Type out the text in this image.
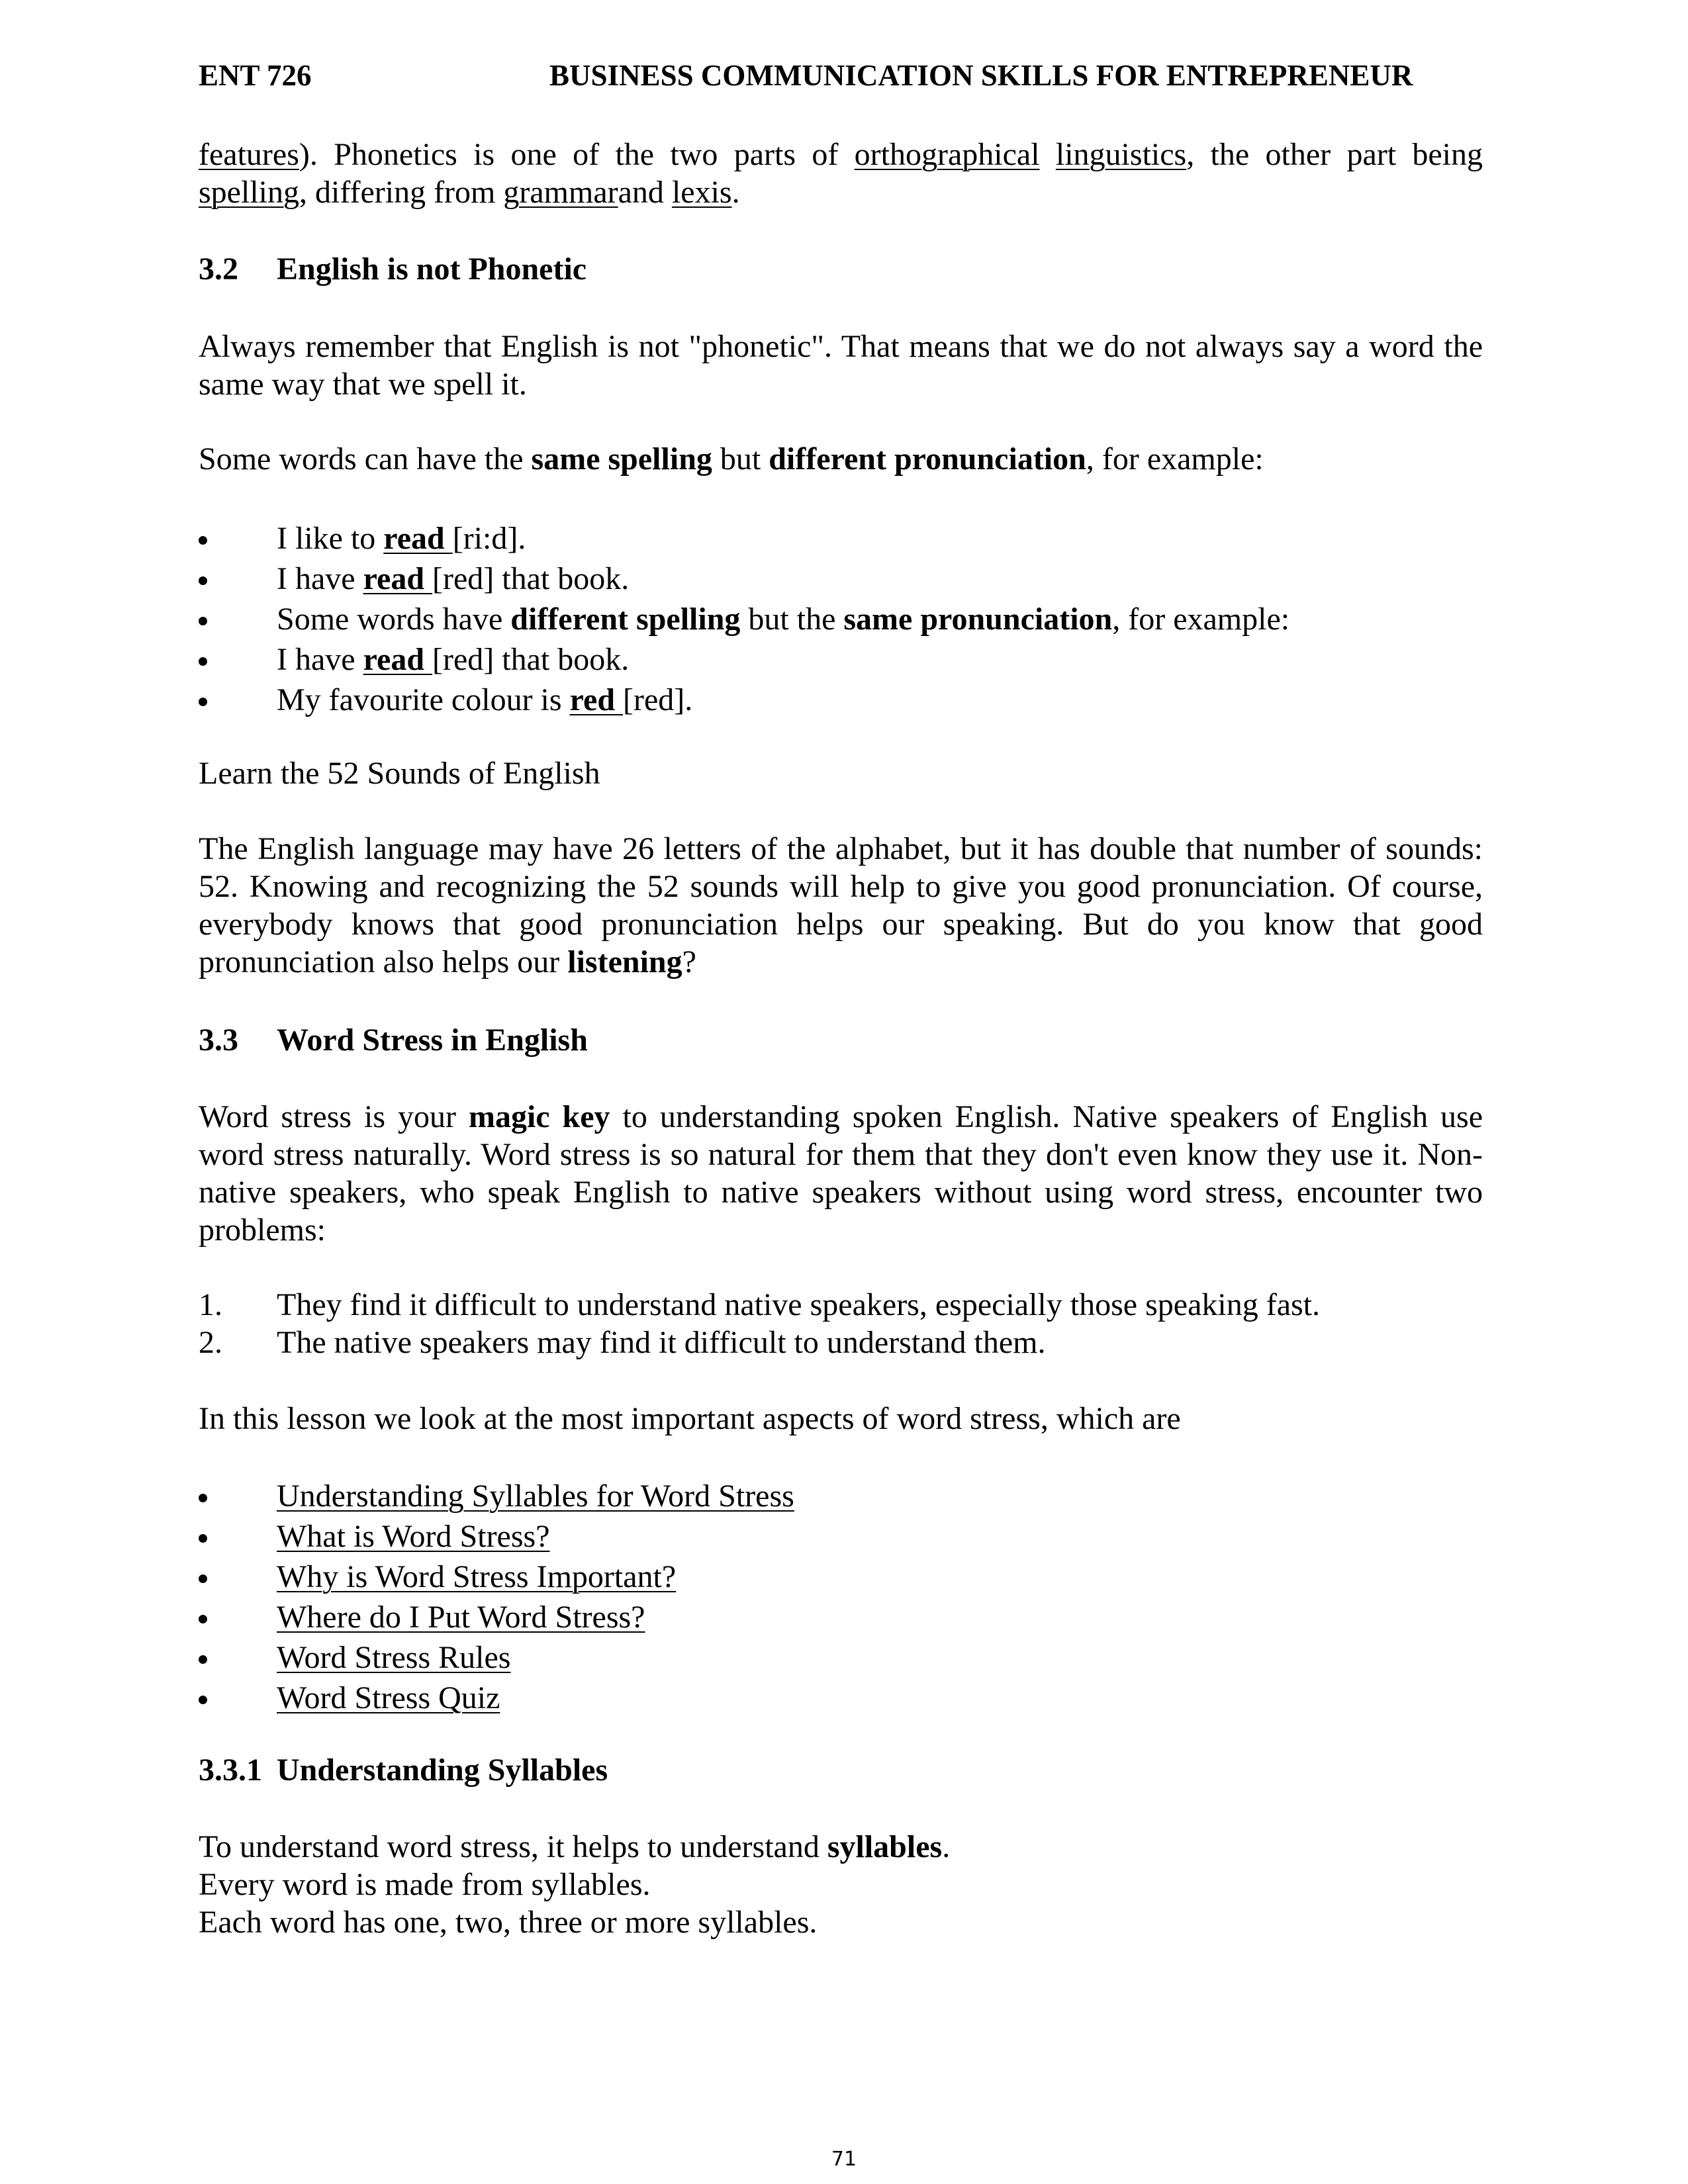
ENT 726	BUSINESS COMMUNICATION SKILLS FOR ENTREPRENEUR

features). Phonetics is one of the two parts of orthographical linguistics, the other part being

spelling, differing from grammarand lexis.

3.2 English is not Phonetic

Always remember that English is not "phonetic". That means that we do not always say a word the same way that we spell it.

Some words can have the same spelling but different pronunciation, for example:

I like to read [ri:d].
I have read [red] that book.
Some words have different spelling but the same pronunciation, for example:
I have read [red] that book.
My favourite colour is red [red].

Learn the 52 Sounds of English

The English language may have 26 letters of the alphabet, but it has double that number of sounds: 52. Knowing and recognizing the 52 sounds will help to give you good pronunciation. Of course, everybody knows that good pronunciation helps our speaking. But do you know that good pronunciation also helps our listening?

3.3 Word Stress in English

Word stress is your magic key to understanding spoken English. Native speakers of English use word stress naturally. Word stress is so natural for them that they don't even know they use it. Non-native speakers, who speak English to native speakers without using word stress, encounter two problems:

1. They find it difficult to understand native speakers, especially those speaking fast.
2. The native speakers may find it difficult to understand them.

In this lesson we look at the most important aspects of word stress, which are

Understanding Syllables for Word Stress
What is Word Stress?
Why is Word Stress Important?
Where do I Put Word Stress?
Word Stress Rules
Word Stress Quiz
3.3.1 Understanding Syllables

To understand word stress, it helps to understand syllables.

Every word is made from syllables.

Each word has one, two, three or more syllables.

71
